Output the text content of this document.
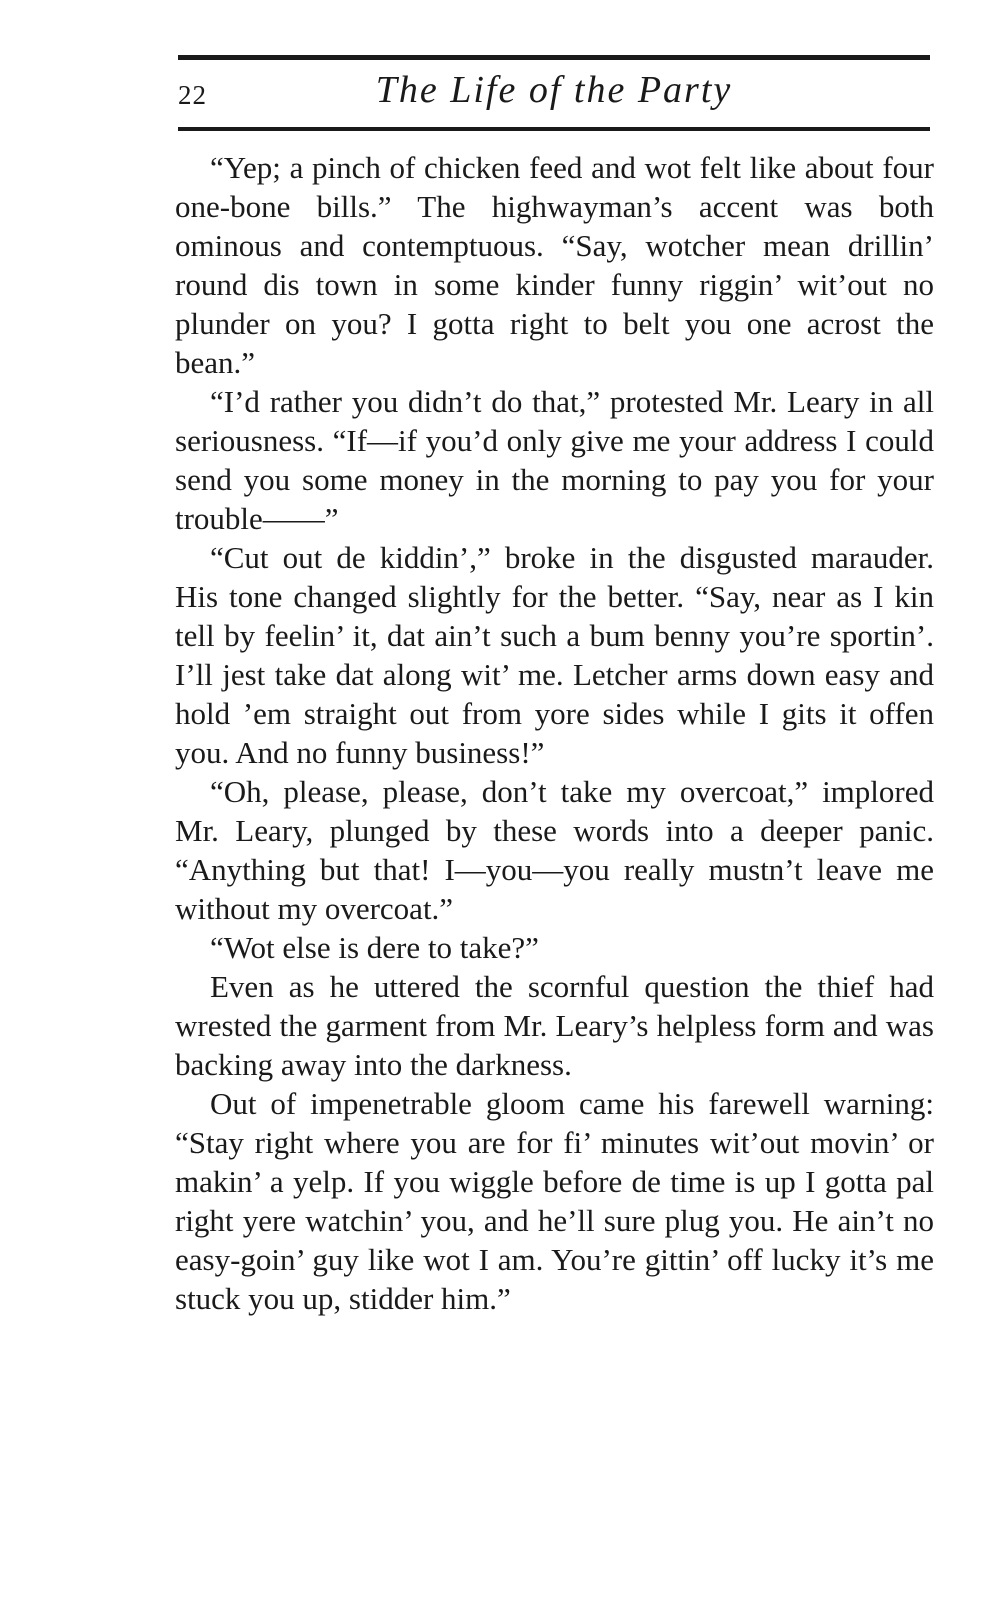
22	The Life of the Party

“Yep; a pinch of chicken feed and wot felt like about four one-bone bills.” The highwayman’s accent was both ominous and contemptuous. “Say, wotcher mean drillin’ round dis town in some kinder funny riggin’ wit’out no plunder on you? I gotta right to belt you one acrost the bean.”

“I’d rather you didn’t do that,” protested Mr. Leary in all seriousness. “If—if you’d only give me your address I could send you some money in the morning to pay you for your trouble——”

“Cut out de kiddin’,” broke in the disgusted marauder. His tone changed slightly for the better. “Say, near as I kin tell by feelin’ it, dat ain’t such a bum benny you’re sportin’. I’ll jest take dat along wit’ me. Letcher arms down easy and hold ’em straight out from yore sides while I gits it offen you. And no funny business!”

“Oh, please, please, don’t take my overcoat,” implored Mr. Leary, plunged by these words into a deeper panic. “Anything but that! I—you—you really mustn’t leave me without my overcoat.”

“Wot else is dere to take?”

Even as he uttered the scornful question the thief had wrested the garment from Mr. Leary’s helpless form and was backing away into the darkness.

Out of impenetrable gloom came his farewell warning: “Stay right where you are for fi’ minutes wit’out movin’ or makin’ a yelp. If you wiggle before de time is up I gotta pal right yere watchin’ you, and he’ll sure plug you. He ain’t no easy-goin’ guy like wot I am. You’re gittin’ off lucky it’s me stuck you up, stidder him.”
